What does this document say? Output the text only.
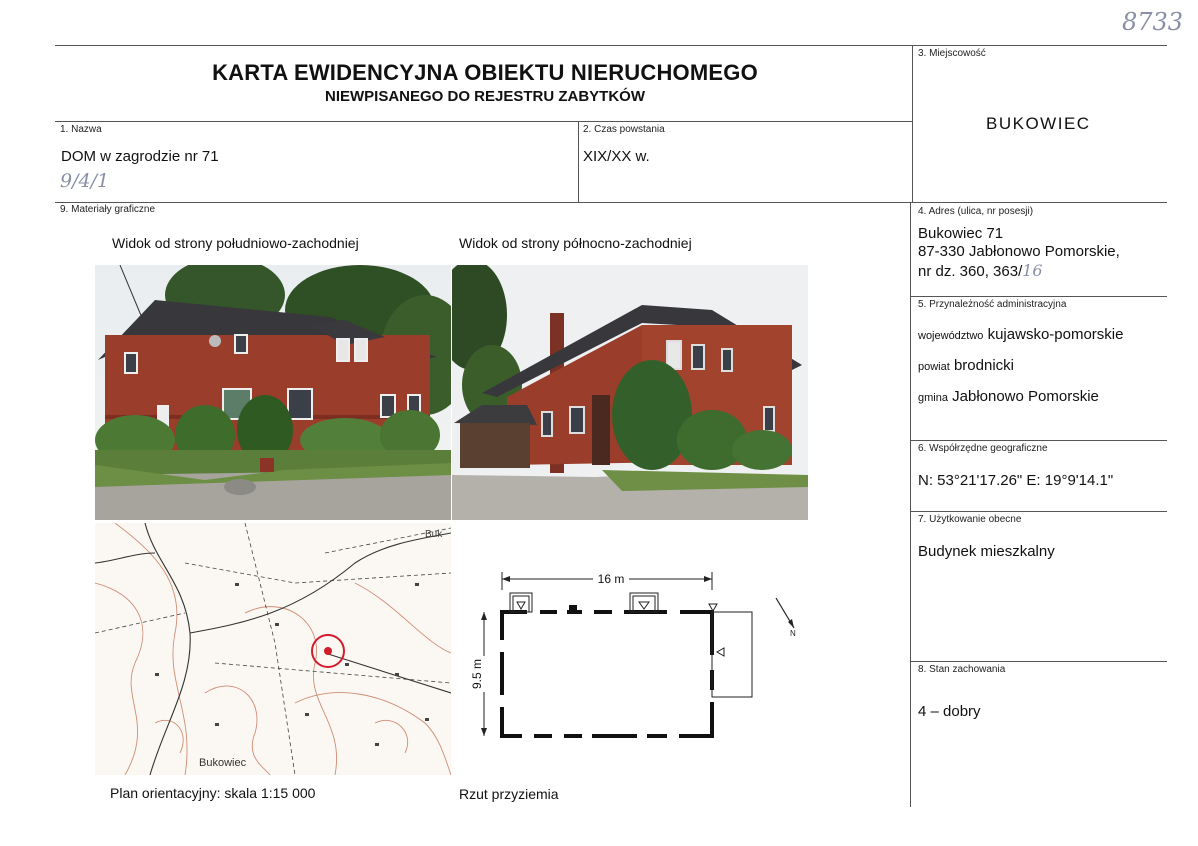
8733
KARTA EWIDENCYJNA OBIEKTU NIERUCHOMEGO
NIEWPISANEGO DO REJESTRU ZABYTKÓW
3. Miejscowość
BUKOWIEC
1. Nazwa
DOM w zagrodzie nr 71
9/4/1
2. Czas powstania
XIX/XX w.
9. Materiały graficzne	4. Adres (ulica, nr posesji)
Bukowiec 71
87-330 Jabłonowo Pomorskie,
nr dz. 360, 363/16
5. Przynależność administracyjna
województwo kujawsko-pomorskie
powiat brodnicki
gmina Jabłonowo Pomorskie
6. Współrzędne geograficzne
N: 53°21'17.26" E: 19°9'14.1"
7. Użytkowanie obecne
Budynek mieszkalny
8. Stan zachowania
4 – dobry
Widok od strony południowo-zachodniej	Widok od strony północno-zachodniej
Buk
Bukowiec
16 m
9.5 m
N
Plan orientacyjny: skala 1:15 000	Rzut przyziemia
